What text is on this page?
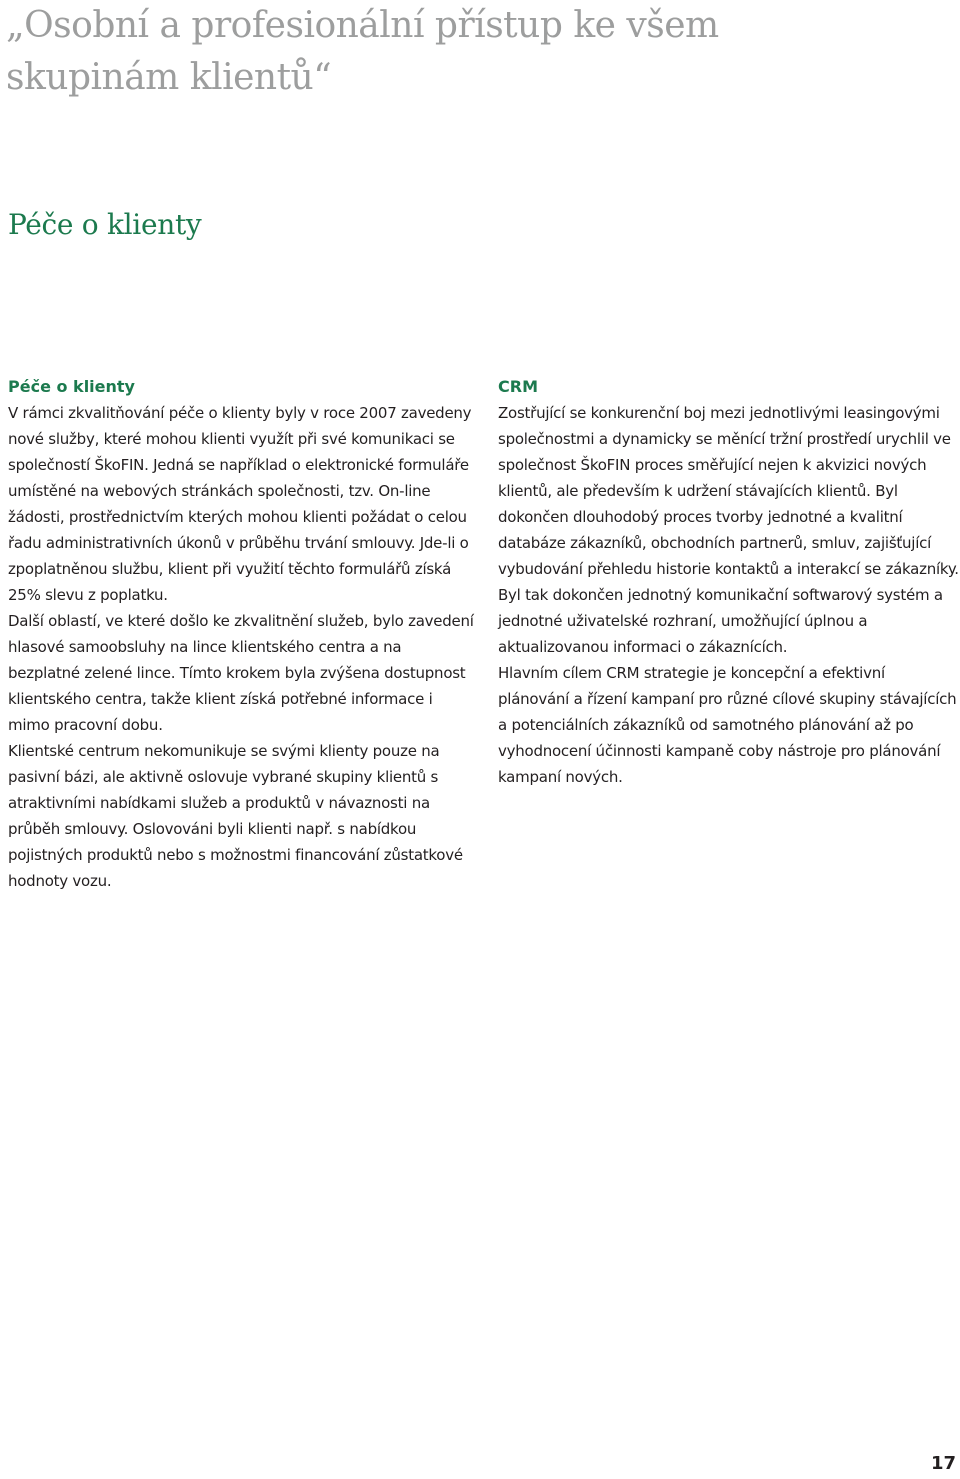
„Osobní a profesionální přístup ke všem skupinám klientů“
Péče o klienty
Péče o klienty

V rámci zkvalitňování péče o klienty byly v roce 2007 zavedeny nové služby, které mohou klienti využít při své komunikaci se společností ŠkoFIN. Jedná se například o elektronické formuláře umístěné na webových stránkách společnosti, tzv. On-line žádosti, prostřednictvím kterých mohou klienti požádat o celou řadu administrativních úkonů v průběhu trvání smlouvy. Jde-li o zpoplatněnou službu, klient při využití těchto formulářů získá 25% slevu z poplatku.

Další oblastí, ve které došlo ke zkvalitnění služeb, bylo zavedení hlasové samoobsluhy na lince klientského centra a na bezplatné zelené lince. Tímto krokem byla zvýšena dostupnost klientského centra, takže klient získá potřebné informace i mimo pracovní dobu.

Klientské centrum nekomunikuje se svými klienty pouze na pasivní bázi, ale aktivně oslovuje vybrané skupiny klientů s atraktivními nabídkami služeb a produktů v návaznosti na průběh smlouvy. Oslovováni byli klienti např. s nabídkou pojistných produktů nebo s možnostmi financování zůstatkové hodnoty vozu.

CRM

Zostřující se konkurenční boj mezi jednotlivými leasingovými společnostmi a dynamicky se měnící tržní prostředí urychlil ve společnost ŠkoFIN proces směřující nejen k akvizici nových klientů, ale především k udržení stávajících klientů. Byl dokončen dlouhodobý proces tvorby jednotné a kvalitní databáze zákazníků, obchodních partnerů, smluv, zajišťující vybudování přehledu historie kontaktů a interakcí se zákazníky. Byl tak dokončen jednotný komunikační softwarový systém a jednotné uživatelské rozhraní, umožňující úplnou a aktualizovanou informaci o zákaznících.

Hlavním cílem CRM strategie je koncepční a efektivní plánování a řízení kampaní pro různé cílové skupiny stávajících a potenciálních zákazníků od samotného plánování až po vyhodnocení účinnosti kampaně coby nástroje pro plánování kampaní nových.

17
